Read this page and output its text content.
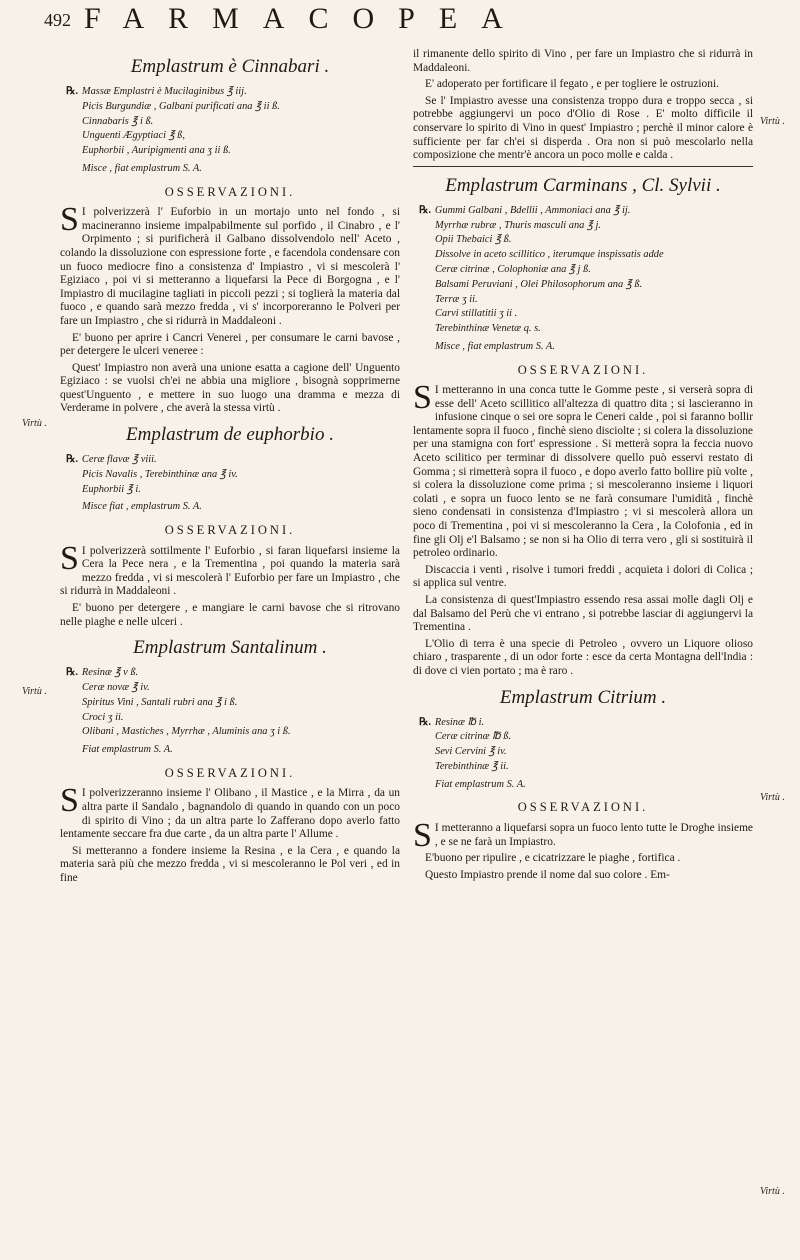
492 FARMACOPEA
Virtù .
Virtù .
Virtù .
Virtù .
Virtù .
Emplastrum è Cinnabari .
℞. Massæ Emplastri è Mucilaginibus ℥ iij.
Picis Burgundiæ , Galbani purificati ana ℥ ii ß.
Cinnabaris ℥ i ß.
Unguenti Ægyptiaci ℥ ß,
Euphorbii , Auripigmenti ana ʒ ii ß.
Misce , fiat emplastrum S. A.
OSSERVAZIONI.

S I polverizzerà l' Euforbio in un mortajo unto nel fondo , si macineranno insieme impalpabilmente sul porfido , il Cinabro , e l' Orpimento ; si purificherà il Galbano dissolvendolo nell' Aceto , colando la dissoluzione con espressione forte , e facendola condensare con un fuoco mediocre fino a consistenza d' Impiastro , vi si mescolerà l' Egiziaco , poi vi si metteranno a liquefarsi la Pece di Borgogna , e l' Impiastro di mucilagine tagliati in piccoli pezzi ; si toglierà la materia dal fuoco , e quando sarà mezzo fredda , vi s' incorporeranno le Polveri per fare un Impiastro , che si ridurrà in Maddaleoni .

E' buono per aprire i Cancri Venerei , per consumare le carni bavose , per detergere le ulceri veneree :

Quest' Impiastro non averà una unione esatta a cagione dell' Unguento Egiziaco : se vuolsi ch'ei ne abbia una migliore , bisognà sopprimerne quest'Unguento , e mettere in suo luogo una dramma e mezza di Verderame in polvere , che averà la stessa virtù .

Emplastrum de euphorbio .
℞. Ceræ flavæ ℥ viii.
Picis Navalis , Terebinthinæ ana ℥ iv.
Euphorbii ℥ i.
Misce fiat , emplastrum S. A.
OSSERVAZIONI.

S I polverizzerà sottilmente l' Euforbio , si faran liquefarsi insieme la Cera la Pece nera , e la Trementina , poi quando la materia sarà mezzo fredda , vi si mescolerà l' Euforbio per fare un Impiastro , che si ridurrà in Maddaleoni .

E' buono per detergere , e mangiare le carni bavose che si ritrovano nelle piaghe e nelle ulceri .

Emplastrum Santalinum .
℞. Resinæ ℥ v ß.
Ceræ novæ ℥ iv.
Spiritus Vini , Santali rubri ana ℥ i ß.
Croci ʒ ii.
Olibani , Mastiches , Myrrhæ , Aluminis ana ʒ i ß.
Fiat emplastrum S. A.
OSSERVAZIONI.

S I polverizzeranno insieme l' Olibano , il Mastice , e la Mirra , da un altra parte il Sandalo , bagnandolo di quando in quando con un poco di spirito di Vino ; da un altra parte lo Zafferano dopo averlo fatto lentamente seccare fra due carte , da un altra parte l' Allume .

Si metteranno a fondere insieme la Resina , e la Cera , e quando la materia sarà più che mezzo fredda , vi si mescoleranno le Pol veri , ed in fine

il rimanente dello spirito di Vino , per fare un Impiastro che si ridurrà in Maddaleoni.

E' adoperato per fortificare il fegato , e per togliere le ostruzioni.

Se l' Impiastro avesse una consistenza troppo dura e troppo secca , si potrebbe aggiungervi un poco d'Olio di Rose . E' molto difficile il conservare lo spirito di Vino in quest' Impiastro ; perchè il minor calore è sufficiente per far ch'ei si disperda . Ora non si può mescolarlo nella composizione che mentr'è ancora un poco molle e calda .

Emplastrum Carminans , Cl. Sylvii .
℞. Gummi Galbani , Bdellii , Ammoniaci ana ℥ ij.
Myrrhæ rubræ , Thuris masculi ana ℥ j.
Opii Thebaici ℥ ß.
Dissolve in aceto scillitico , iterumque inspissatis adde
Ceræ citrinæ , Colophoniæ ana ℥ j ß.
Balsami Peruviani , Olei Philosophorum ana ℥ ß.
Terræ ʒ ii.
Carvi stillatitii ʒ ii .
Terebinthinæ Venetæ q. s.
Misce , fiat emplastrum S. A.
OSSERVAZIONI.

S I metteranno in una conca tutte le Gomme peste , si verserà sopra di esse dell' Aceto scillitico all'altezza di quattro dita ; si lascieranno in infusione cinque o sei ore sopra le Ceneri calde , poi si faranno bollir lentamente sopra il fuoco , finchè sieno disciolte ; si colera la dissoluzione per una stamigna con fort' espressione . Si metterà sopra la feccia nuovo Aceto scilitico per terminar di dissolvere quello può esservi restato di Gomma ; si rimetterà sopra il fuoco , e dopo averlo fatto bollire più volte , si colera la dissoluzione come prima ; si mescoleranno insieme i liquori colati , e sopra un fuoco lento se ne farà consumare l'umidità , finchè sieno condensati in consistenza d'Impiastro ; vi si mescolerà allora un poco di Trementina , poi vi si mescoleranno la Cera , la Colofonia , ed in fine gli Olj e'l Balsamo ; se non si ha Olio di terra vero , gli si sostituirà il petroleo ordinario.

Discaccia i venti , risolve i tumori freddi , acquieta i dolori di Colica ; si applica sul ventre.

La consistenza di quest'Impiastro essendo resa assai molle dagli Olj e dal Balsamo del Perù che vi entrano , si potrebbe lasciar di aggiungervi la Trementina .

L'Olio di terra è una specie di Petroleo , ovvero un Liquore olioso chiaro , trasparente , di un odor forte : esce da certa Montagna dell'India : di dove ci vien portato ; ma è raro .

Emplastrum Citrium .
℞. Resinæ ℔ i.
Ceræ citrinæ ℔ ß.
Sevi Cervini ℥ iv.
Terebinthinæ ℥ ii.
Fiat emplastrum S. A.
OSSERVAZIONI.

S I metteranno a liquefarsi sopra un fuoco lento tutte le Droghe insieme , e se ne farà un Impiastro.

E'buono per ripulire , e cicatrizzare le piaghe , fortifica .

Questo Impiastro prende il nome dal suo colore . Em-
